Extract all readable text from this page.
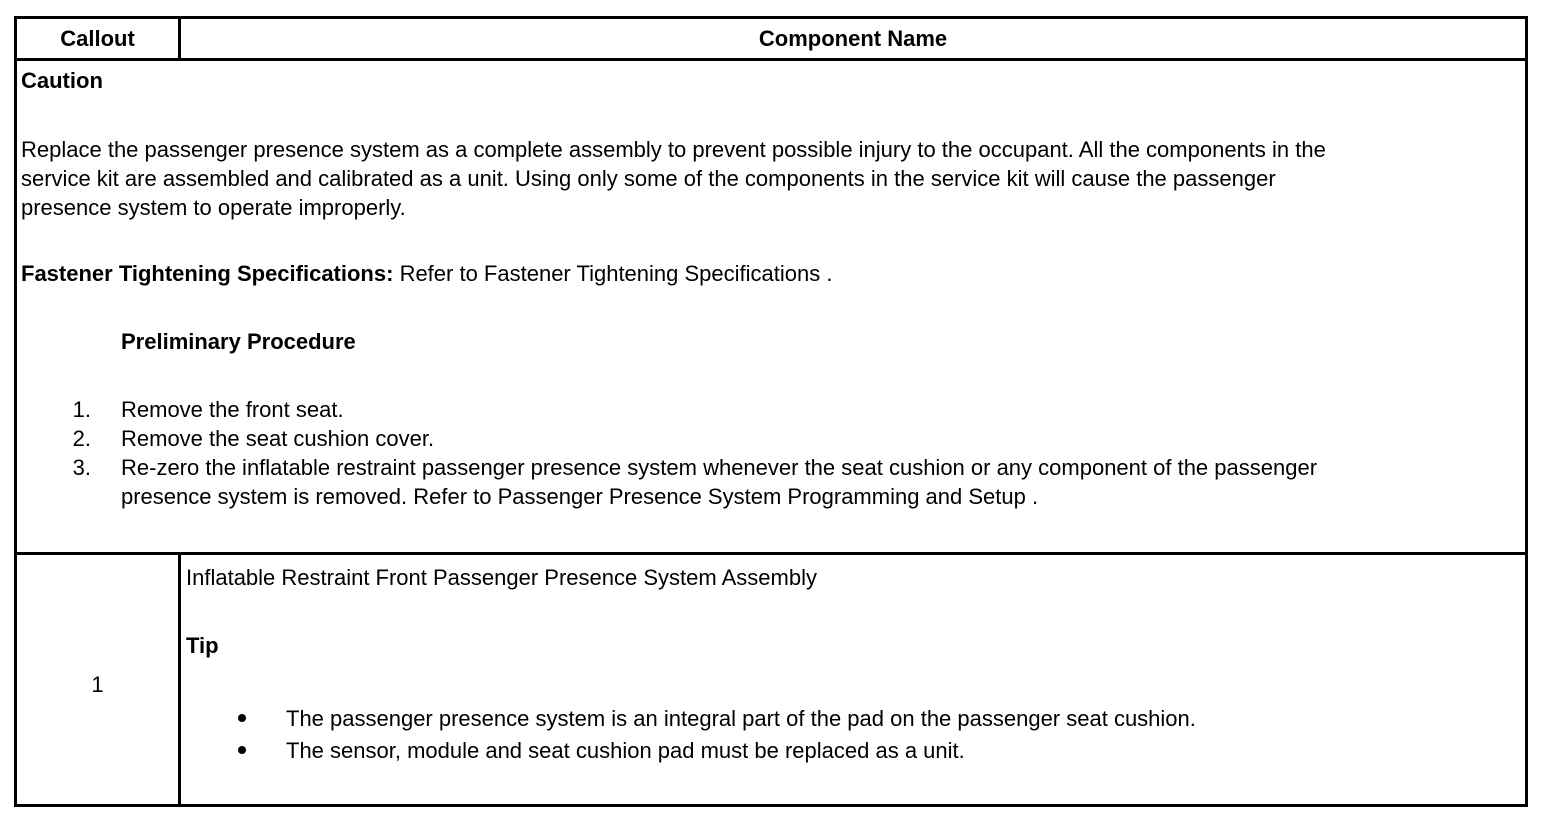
Callout	Component Name
Caution
Replace the passenger presence system as a complete assembly to prevent possible injury to the occupant. All the components in the
service kit are assembled and calibrated as a unit. Using only some of the components in the service kit will cause the passenger
presence system to operate improperly.
Fastener Tightening Specifications: Refer to Fastener Tightening Specifications .
Preliminary Procedure
1. Remove the front seat.
2. Remove the seat cushion cover.
3. Re-zero the inflatable restraint passenger presence system whenever the seat cushion or any component of the passenger
presence system is removed. Refer to Passenger Presence System Programming and Setup .
1
Inflatable Restraint Front Passenger Presence System Assembly
Tip
The passenger presence system is an integral part of the pad on the passenger seat cushion.
The sensor, module and seat cushion pad must be replaced as a unit.
